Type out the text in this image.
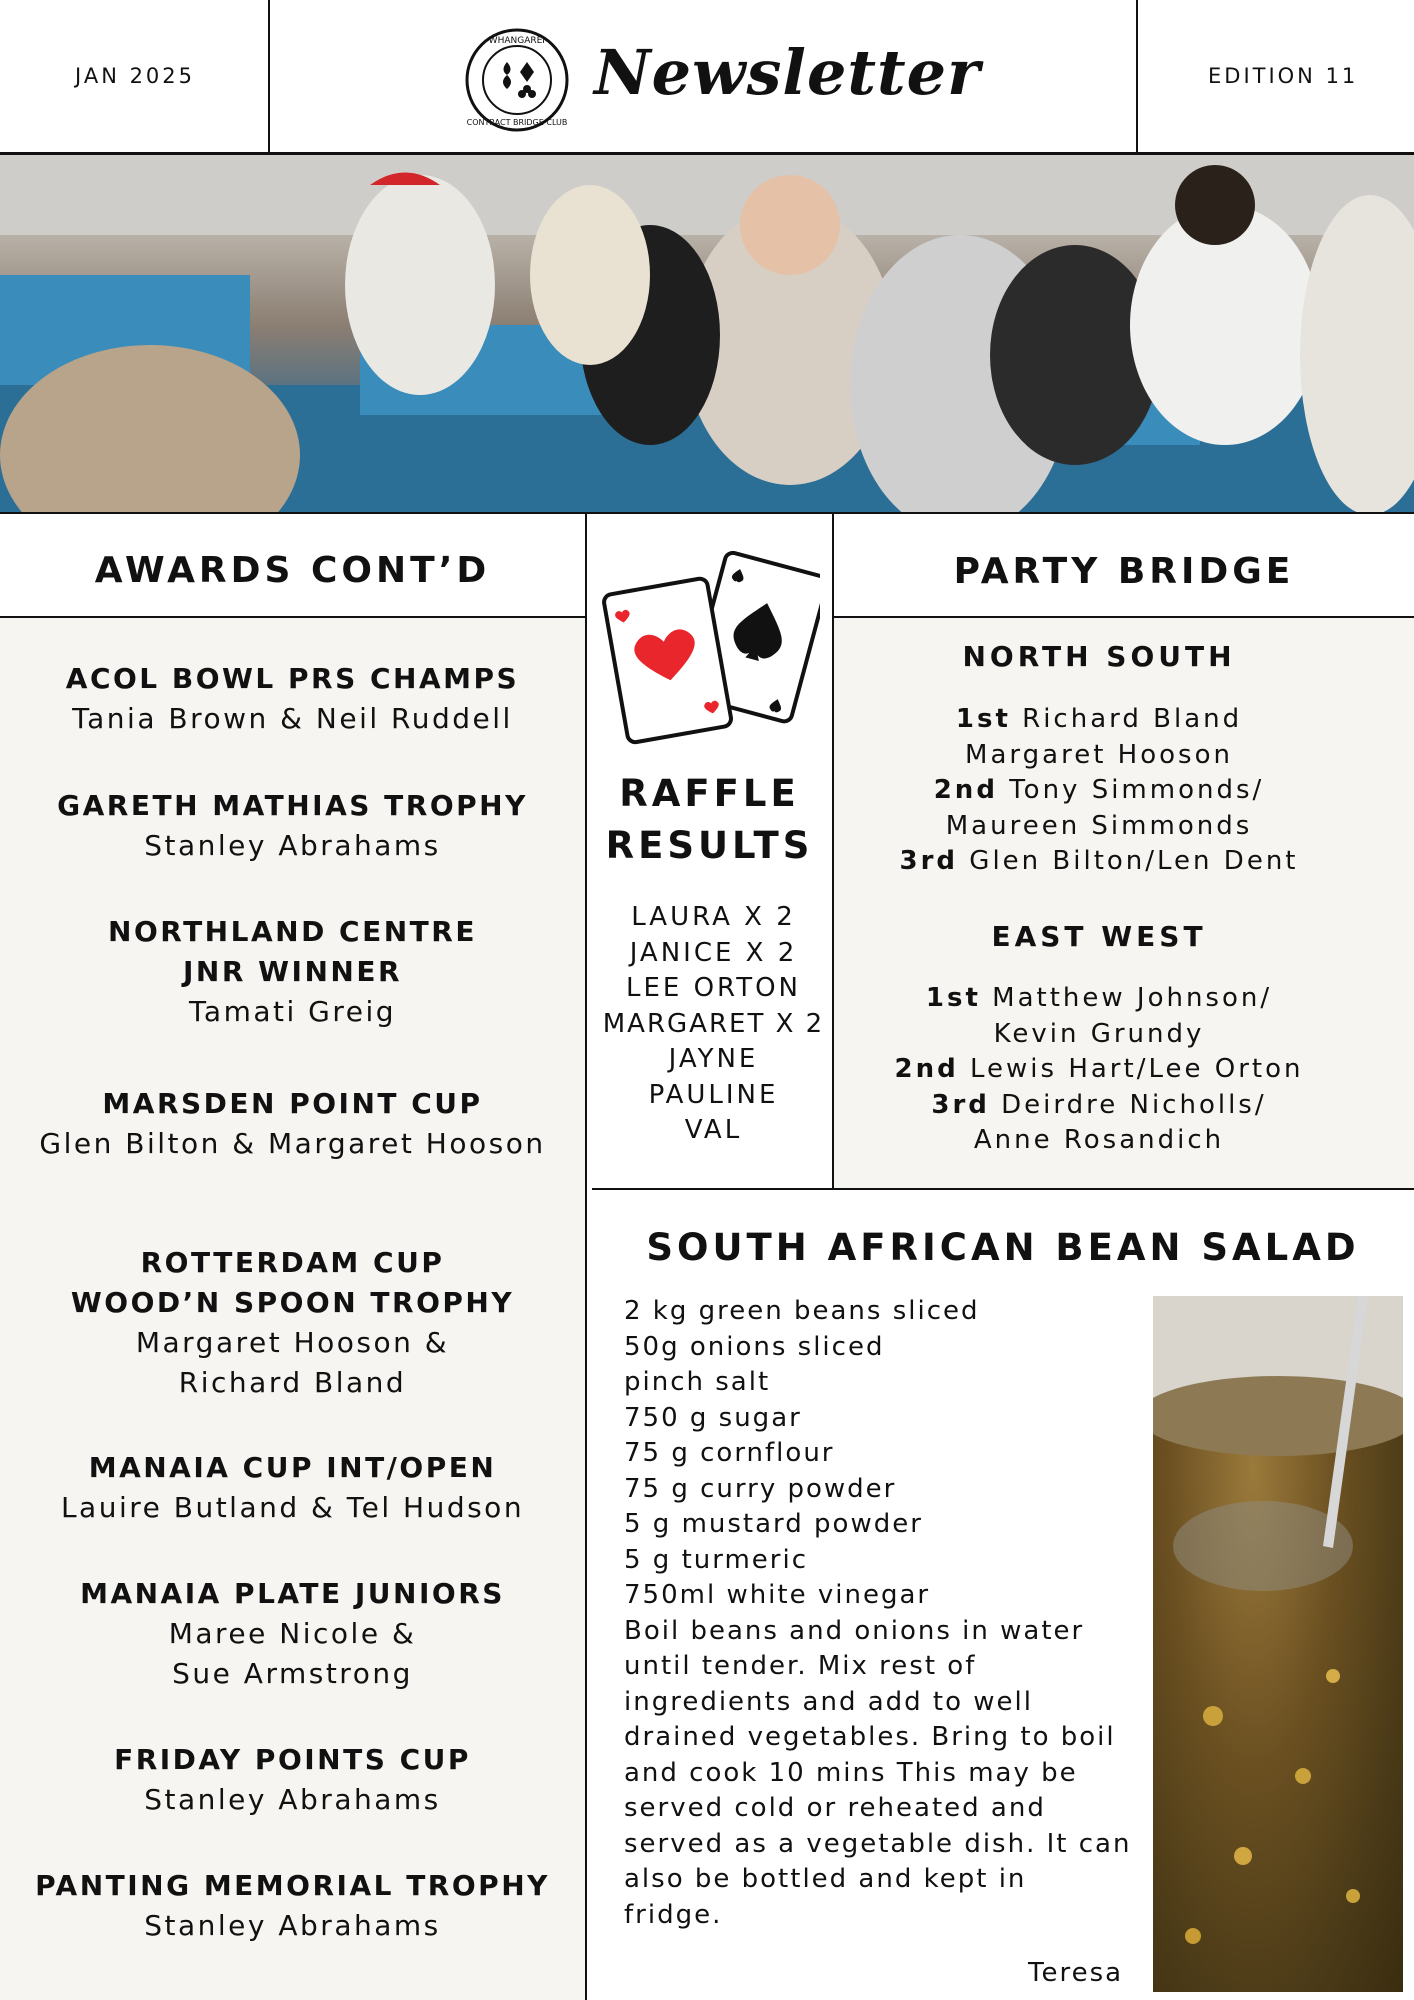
JAN 2025	EDITION 11
-WHANGAREI-
CONTRACT BRIDGE CLUB
Newsletter
AWARDS CONT’D
ACOL BOWL PRS CHAMPS
Tania Brown & Neil Ruddell
GARETH MATHIAS TROPHY
Stanley Abrahams
NORTHLAND CENTRE
JNR WINNER
Tamati Greig
MARSDEN POINT CUP
Glen Bilton & Margaret Hooson
ROTTERDAM CUP
WOOD’N SPOON TROPHY
Margaret Hooson &
Richard Bland
MANAIA CUP INT/OPEN
Lauire Butland & Tel Hudson
MANAIA PLATE JUNIORS
Maree Nicole &
Sue Armstrong
FRIDAY POINTS CUP
Stanley Abrahams
PANTING MEMORIAL TROPHY
Stanley Abrahams
RAFFLE
RESULTS
LAURA X 2
JANICE X 2
LEE ORTON
MARGARET X 2
JAYNE
PAULINE
VAL
PARTY BRIDGE
NORTH SOUTH
1st Richard Bland
Margaret Hooson
2nd Tony Simmonds/
Maureen Simmonds
3rd Glen Bilton/Len Dent
EAST WEST
1st Matthew Johnson/
Kevin Grundy
2nd Lewis Hart/Lee Orton
3rd Deirdre Nicholls/
Anne Rosandich
SOUTH AFRICAN BEAN SALAD
2 kg green beans sliced
50g onions sliced
pinch salt
750 g sugar
75 g cornflour
75 g curry powder
5 g mustard powder
5 g turmeric
750ml white vinegar
Boil beans and onions in water
until tender. Mix rest of
ingredients and add to well
drained vegetables. Bring to boil
and cook 10 mins This may be
served cold or reheated and
served as a vegetable dish. It can
also be bottled and kept in
fridge.
Teresa
